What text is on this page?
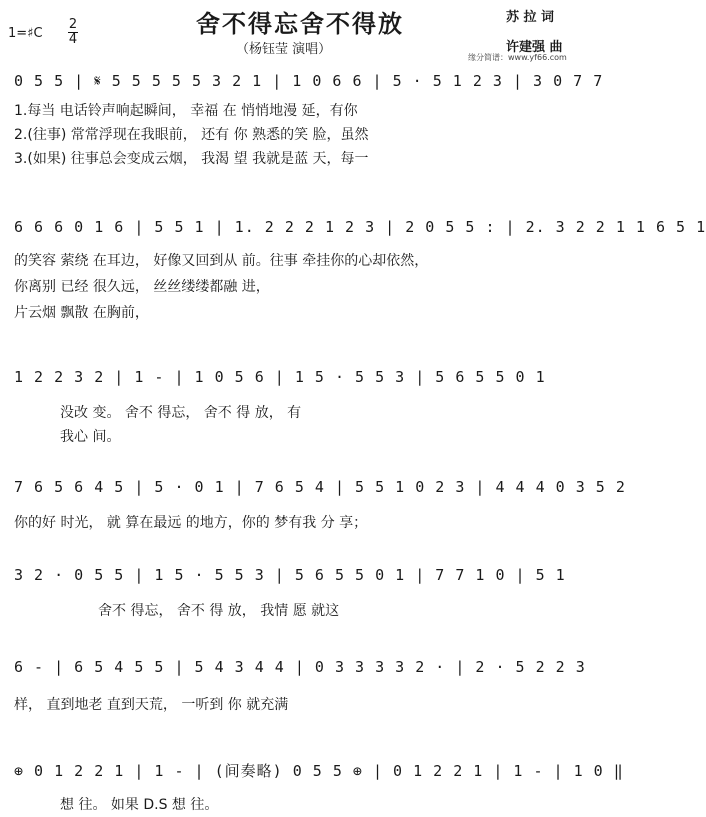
1=♯C
2
4
舍不得忘舍不得放
（杨钰莹 演唱）
苏 拉 词
许建强 曲
缘分简谱：www.yf66.com
0 5 5 | 𝄋 5 5 5 5 5 3 2 1 | 1 0 6 6 | 5 · 5 1 2 3 | 3 0 7 7
1.每当 电话铃声响起瞬间， 幸福 在 悄悄地漫 延，有你
2.(往事) 常常浮现在我眼前， 还有 你 熟悉的笑 脸，虽然
3.(如果) 往事总会变成云烟， 我渴 望 我就是蓝 天，每一
6 6 6 0 1 6 | 5 5 1 | 1. 2 2 2 1 2 3 | 2 0 5 5 : | 2. 3 2 2 1 1 6 5 1
的笑容 萦绕 在耳边， 好像又回到从 前。往事 牵挂你的心却依然，
你离别 已经 很久远， 丝丝缕缕都融 进，
片云烟 飘散 在胸前，
1 2 2 3 2 | 1 - | 1 0 5 6 | 1 5 · 5 5 3 | 5 6 5 5 0 1
没改 变。 舍不 得忘， 舍不 得 放， 有
我心 间。
7 6 5 6 4 5 | 5 · 0 1 | 7 6 5 4 | 5 5 1 0 2 3 | 4 4 4 0 3 5 2
你的好 时光， 就 算在最远 的地方，你的 梦有我 分 享；
3 2 · 0 5 5 | 1 5 · 5 5 3 | 5 6 5 5 0 1 | 7 7 1 0 | 5 1
舍不 得忘， 舍不 得 放， 我情 愿 就这
6 - | 6 5 4 5 5 | 5 4 3 4 4 | 0 3 3 3 3 2 · | 2 · 5 2 2 3
样， 直到地老 直到天荒， 一听到 你 就充满
⊕ 0 1 2 2 1 | 1 - | (间奏略) 0 5 5 ⊕ | 0 1 2 2 1 | 1 - | 1 0 ‖
想 往。 如果 D.S 想 往。
